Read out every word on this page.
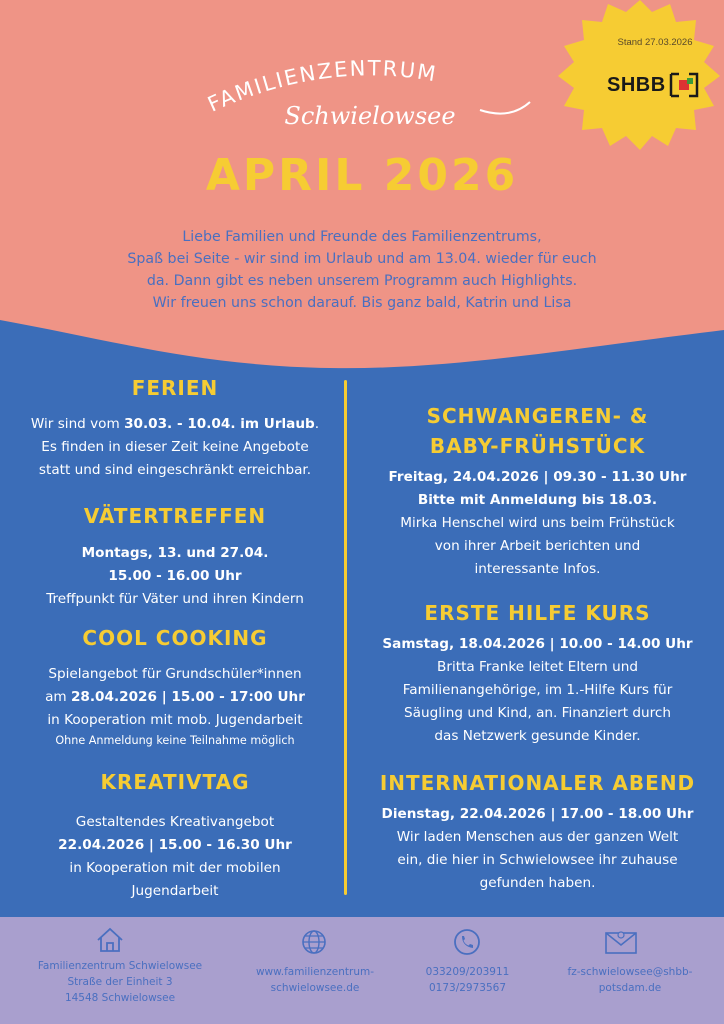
Stand 27.03.2026
SHBB
FAMILIENZENTRUM
Schwielowsee
APRIL 2026
Liebe Familien und Freunde des Familienzentrums,
Spaß bei Seite - wir sind im Urlaub und am 13.04. wieder für euch
da. Dann gibt es neben unserem Programm auch Highlights.
Wir freuen uns schon darauf. Bis ganz bald, Katrin und Lisa
FERIEN
Wir sind vom 30.03. - 10.04. im Urlaub.
Es finden in dieser Zeit keine Angebote
statt und sind eingeschränkt erreichbar.
VÄTERTREFFEN
Montags, 13. und 27.04.
15.00 - 16.00 Uhr
Treffpunkt für Väter und ihren Kindern
COOL COOKING
Spielangebot für Grundschüler*innen
am 28.04.2026 | 15.00 - 17:00 Uhr
in Kooperation mit mob. Jugendarbeit
Ohne Anmeldung keine Teilnahme möglich
KREATIVTAG
Gestaltendes Kreativangebot
22.04.2026 | 15.00 - 16.30 Uhr
in Kooperation mit der mobilen
Jugendarbeit
SCHWANGEREN- &
BABY-FRÜHSTÜCK
Freitag, 24.04.2026 | 09.30 - 11.30 Uhr
Bitte mit Anmeldung bis 18.03.
Mirka Henschel wird uns beim Frühstück
von ihrer Arbeit berichten und
interessante Infos.
ERSTE HILFE KURS
Samstag, 18.04.2026 | 10.00 - 14.00 Uhr
Britta Franke leitet Eltern und
Familienangehörige, im 1.-Hilfe Kurs für
Säugling und Kind, an. Finanziert durch
das Netzwerk gesunde Kinder.
INTERNATIONALER ABEND
Dienstag, 22.04.2026 | 17.00 - 18.00 Uhr
Wir laden Menschen aus der ganzen Welt
ein, die hier in Schwielowsee ihr zuhause
gefunden haben.
Familienzentrum Schwielowsee
Straße der Einheit 3
14548 Schwielowsee
www.familienzentrum-
schwielowsee.de
033209/203911
0173/2973567
fz-schwielowsee@shbb-
potsdam.de
